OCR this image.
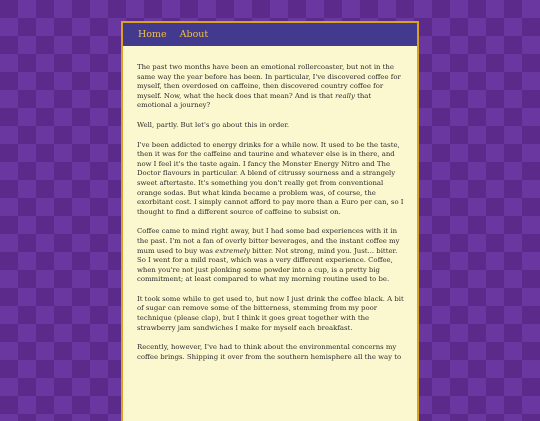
Home About

The past two months have been an emotional rollercoaster, but not in the same way the year before has been. In particular, I've discovered coffee for myself, then overdosed on caffeine, then discovered country coffee for myself. Now, what the heck does that mean? And is that really that emotional a journey?

Well, partly. But let's go about this in order.

I've been addicted to energy drinks for a while now. It used to be the taste, then it was for the caffeine and taurine and whatever else is in there, and now I feel it's the taste again. I fancy the Monster Energy Nitro and The Doctor flavours in particular. A blend of citrussy sourness and a strangely sweet aftertaste. It's something you don't really get from conventional orange sodas. But what kinda became a problem was, of course, the exorbitant cost. I simply cannot afford to pay more than a Euro per can, so I thought to find a different source of caffeine to subsist on.

Coffee came to mind right away, but I had some bad experiences with it in the past. I'm not a fan of overly bitter beverages, and the instant coffee my mum used to buy was extremely bitter. Not strong, mind you. Just... bitter. So I went for a mild roast, which was a very different experience. Coffee, when you're not just plonking some powder into a cup, is a pretty big commitment; at least compared to what my morning routine used to be.

It took some while to get used to, but now I just drink the coffee black. A bit of sugar can remove some of the bitterness, stemming from my poor technique (please clap), but I think it goes great together with the strawberry jam sandwiches I make for myself each breakfast.

Recently, however, I've had to think about the environmental concerns my coffee brings. Shipping it over from the southern hemisphere all the way to
